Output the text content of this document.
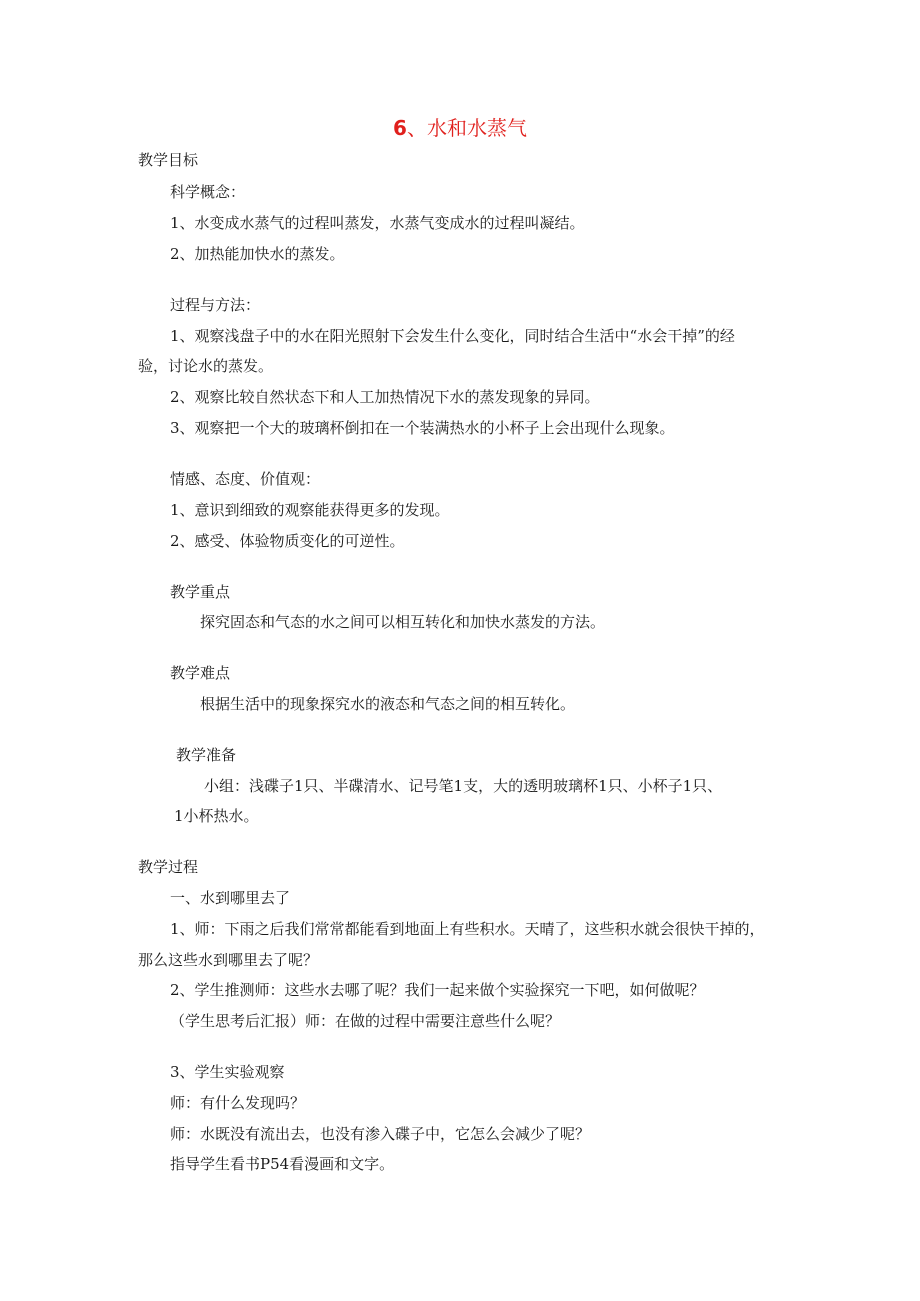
6、水和水蒸气
教学目标
科学概念：
1、水变成水蒸气的过程叫蒸发，水蒸气变成水的过程叫凝结。
2、加热能加快水的蒸发。
过程与方法：
1、观察浅盘子中的水在阳光照射下会发生什么变化，同时结合生活中“水会干掉”的经
验，讨论水的蒸发。
2、观察比较自然状态下和人工加热情况下水的蒸发现象的异同。
3、观察把一个大的玻璃杯倒扣在一个装满热水的小杯子上会出现什么现象。
情感、态度、价值观：
1、意识到细致的观察能获得更多的发现。
2、感受、体验物质变化的可逆性。
教学重点
探究固态和气态的水之间可以相互转化和加快水蒸发的方法。
教学难点
根据生活中的现象探究水的液态和气态之间的相互转化。
教学准备
小组：浅碟子1只、半碟清水、记号笔1支，大的透明玻璃杯1只、小杯子1只、
1小杯热水。
教学过程
一、水到哪里去了
1、师：下雨之后我们常常都能看到地面上有些积水。天晴了，这些积水就会很快干掉的，
那么这些水到哪里去了呢？
2、学生推测师：这些水去哪了呢？我们一起来做个实验探究一下吧，如何做呢？
（学生思考后汇报）师：在做的过程中需要注意些什么呢？
3、学生实验观察
师：有什么发现吗？
师：水既没有流出去，也没有渗入碟子中，它怎么会减少了呢？
指导学生看书P54看漫画和文字。
